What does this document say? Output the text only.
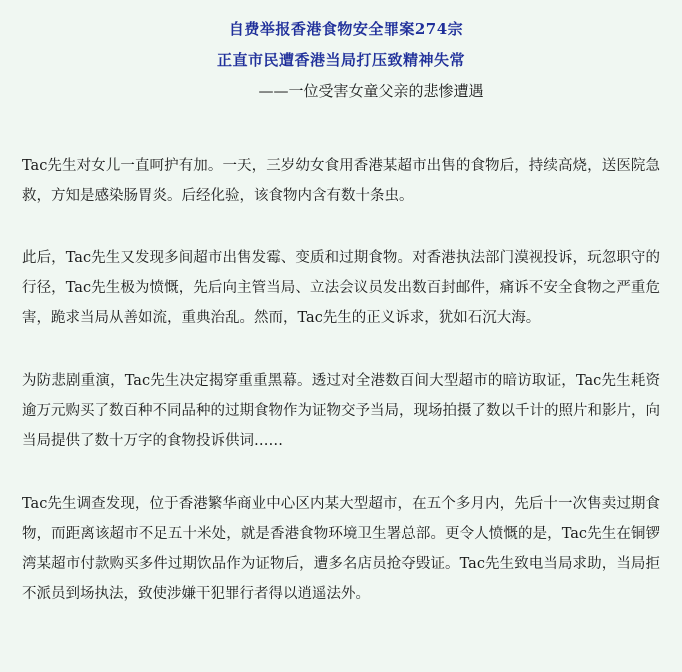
自费举报香港食物安全罪案274宗
正直市民遭香港当局打压致精神失常
——一位受害女童父亲的悲惨遭遇

Tac先生对女儿一直呵护有加。一天，三岁幼女食用香港某超市出售的食物后，持续高烧，送医院急救，方知是感染肠胃炎。后经化验，该食物内含有数十条虫。

此后，Tac先生又发现多间超市出售发霉、变质和过期食物。对香港执法部门漠视投诉，玩忽职守的行径，Tac先生极为愤慨，先后向主管当局、立法会议员发出数百封邮件，痛诉不安全食物之严重危害，跪求当局从善如流，重典治乱。然而，Tac先生的正义诉求，犹如石沉大海。

为防悲剧重演，Tac先生决定揭穿重重黑幕。透过对全港数百间大型超市的暗访取证，Tac先生耗资逾万元购买了数百种不同品种的过期食物作为证物交予当局，现场拍摄了数以千计的照片和影片，向当局提供了数十万字的食物投诉供词……

Tac先生调查发现，位于香港繁华商业中心区内某大型超市，在五个多月内，先后十一次售卖过期食物，而距离该超市不足五十米处，就是香港食物环境卫生署总部。更令人愤慨的是，Tac先生在铜锣湾某超市付款购买多件过期饮品作为证物后，遭多名店员抢夺毁证。Tac先生致电当局求助，当局拒不派员到场执法，致使涉嫌干犯罪行者得以逍遥法外。
